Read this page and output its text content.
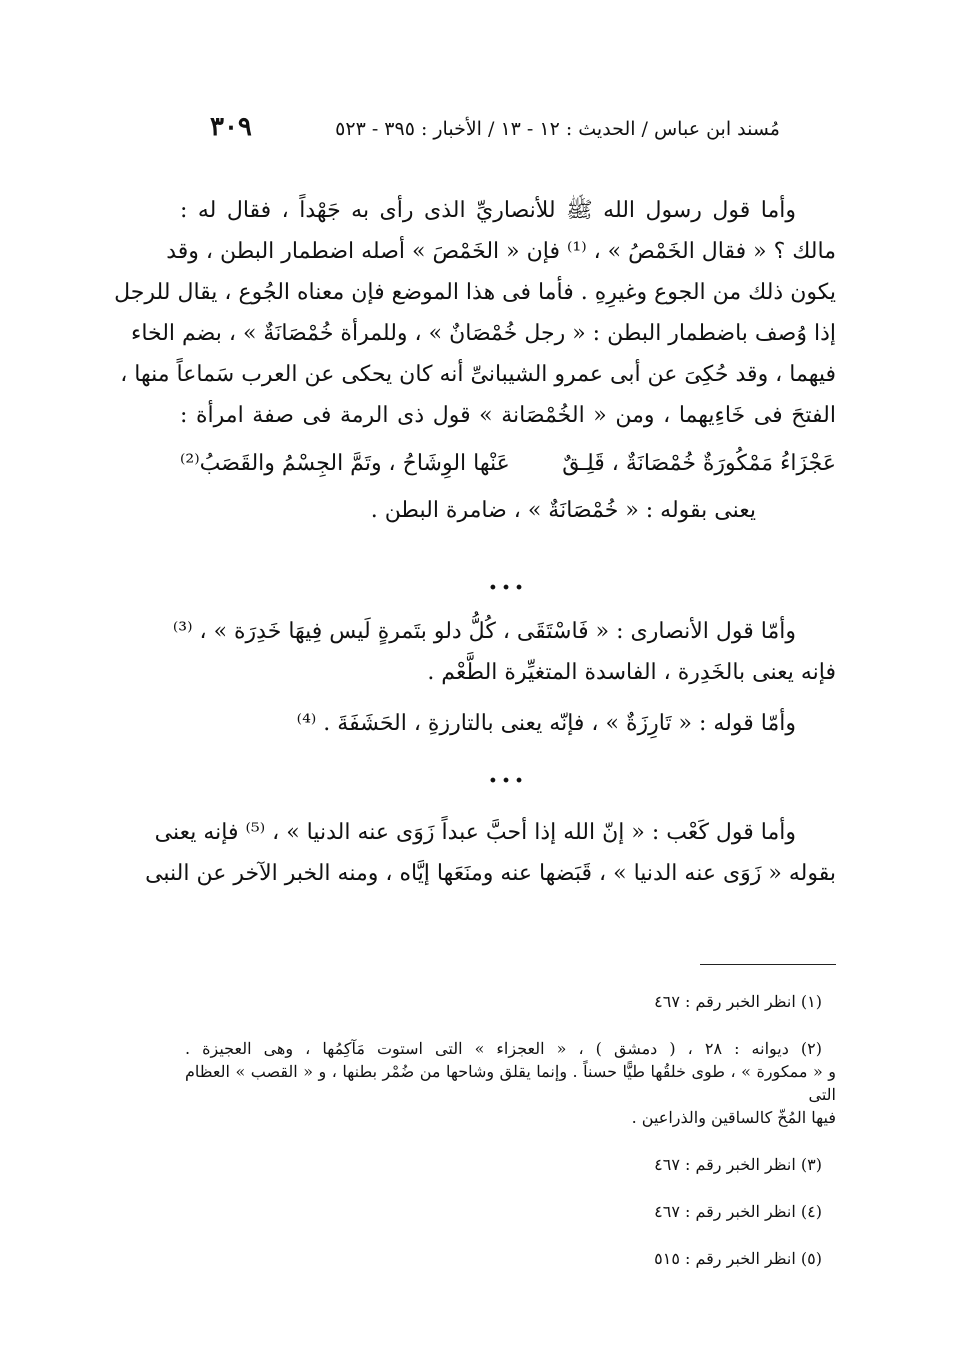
مُسند ابن عباس / الحديث : ١٢ - ١٣ / الأخبار : ٣٩٥ - ٥٢٣
٣٠٩
وأما قول رسول الله ﷺ للأنصاريِّ الذى رأى به جَهْداً ، فقال له :
مالك ؟ « فقال الخَمْصُ » ، ⁽¹⁾ فإن « الخَمْصَ » أصله اضطمار البطن ، وقد
يكون ذلك من الجوع وغيرِهِ . فأما فى هذا الموضع فإن معناه الجُوع ، يقال للرجل
إذا وُصف باضطمار البطن : « رجل خُمْصَانٌ » ، وللمرأة خُمْصَانَةٌ » ، بضم الخاء
فيهما ، وقد حُكِىَ عن أبى عمرو الشيبانىِّ أنه كان يحكى عن العرب سَماعاً منها ،
الفتحَ فى خَاءِيهما ، ومن « الخُمْصَانة » قول ذى الرمة فى صفة امرأة :
عَجْزَاءُ مَمْكُورَةٌ خُمْصَانَةٌ ، قَلِـقٌ
عَنْها الوِشَاحُ ، وتَمَّ الجِسْمُ والقَصَبُ⁽²⁾
يعنى بقوله : « خُمْصَانَةٌ » ، ضامرة البطن .
...
وأمّا قول الأنصارى : « فَاسْتَقَى ، كُلُّ دلو بتَمرةٍ لَيس فِيهَا خَدِرَة » ، ⁽³⁾
فإنه يعنى بالخَدِرة ، الفاسدة المتغيِّرة الطَّعْم .
وأمّا قوله : « تَارِزَةٌ » ، فإنّه يعنى بالتارزةِ ، الحَشَفَةَ . ⁽⁴⁾
...
وأما قول كَعْب : « إنّ الله إذا أحبَّ عبداً زَوَى عنه الدنيا » ، ⁽⁵⁾ فإنه يعنى
بقوله « زَوَى عنه الدنيا » ، قَبَضها عنه ومنَعَها إيَّاه ، ومنه الخبر الآخر عن النبى
(١) انظر الخبر رقم : ٤٦٧
(٢) ديوانه : ٢٨ ، ( دمشق ) ، « العجزاء » التى استوت مَآكِمُها ، وهى العجيزة .
و « ممكورة » ، طوى خلقُها طيًّا حسناً . وإنما يقلق وشاحها من ضُمْر بطنها ، و « القصب » العظام التى
فيها المُخّ كالساقين والذراعين .
(٣) انظر الخبر رقم : ٤٦٧
(٤) انظر الخبر رقم : ٤٦٧
(٥) انظر الخبر رقم : ٥١٥
